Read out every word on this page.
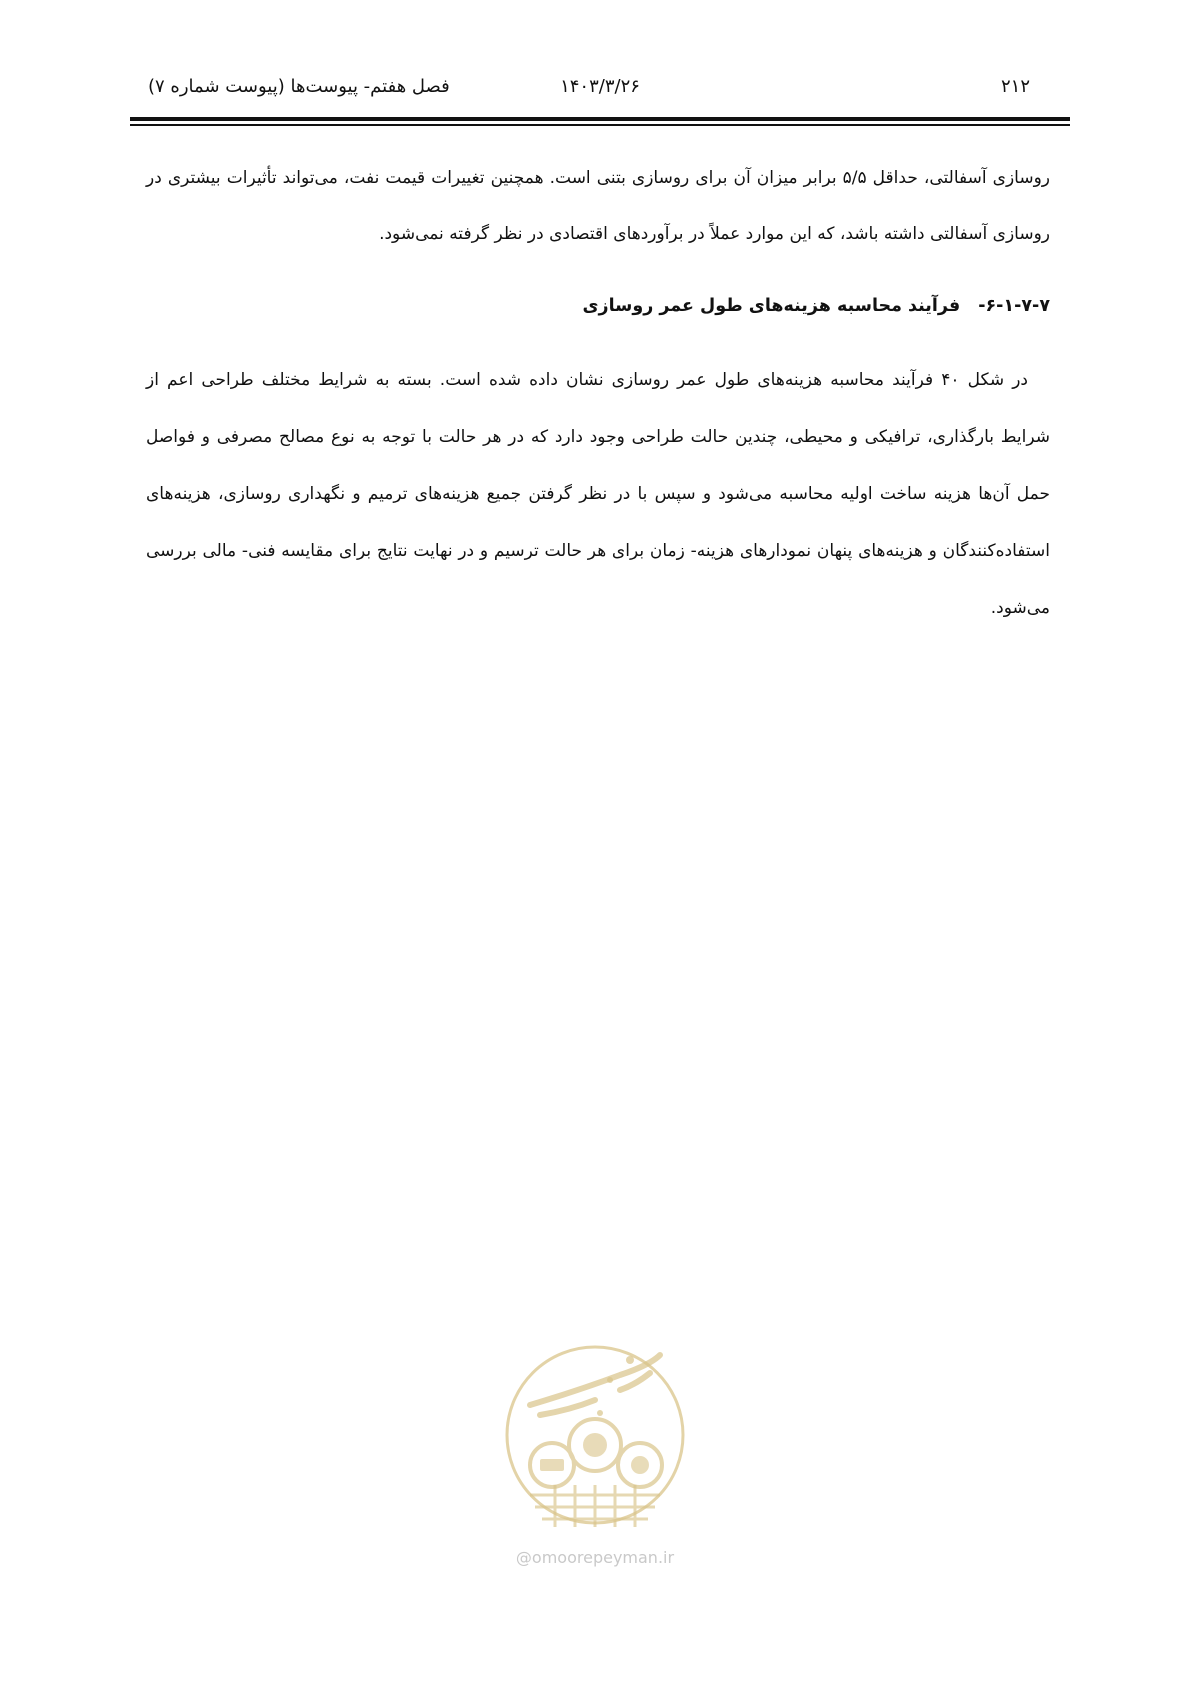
۲۱۲
۱۴۰۳/۳/۲۶
فصل هفتم- پیوست‌ها (پیوست شماره ۷)

روسازی آسفالتی، حداقل ۵/۵ برابر میزان آن برای روسازی بتنی است. همچنین تغییرات قیمت نفت، می‌تواند تأثیرات بیشتری در روسازی آسفالتی داشته باشد، که این موارد عملاً در برآوردهای اقتصادی در نظر گرفته نمی‌شود.

۶-۱-۷-۷-فرآیند محاسبه هزینه‌های طول عمر روسازی

در شکل ۴۰ فرآیند محاسبه هزینه‌های طول عمر روسازی نشان داده شده است. بسته به شرایط مختلف طراحی اعم از شرایط بارگذاری، ترافیکی و محیطی، چندین حالت طراحی وجود دارد که در هر حالت با توجه به نوع مصالح مصرفی و فواصل حمل آن‌ها هزینه ساخت اولیه محاسبه می‌شود و سپس با در نظر گرفتن جمیع هزینه‌های ترمیم و نگهداری روسازی، هزینه‌های استفاده‌کنندگان و هزینه‌های پنهان نمودارهای هزینه- زمان برای هر حالت ترسیم و در نهایت نتایج برای مقایسه فنی- مالی بررسی می‌شود.

@omoorepeyman.ir
